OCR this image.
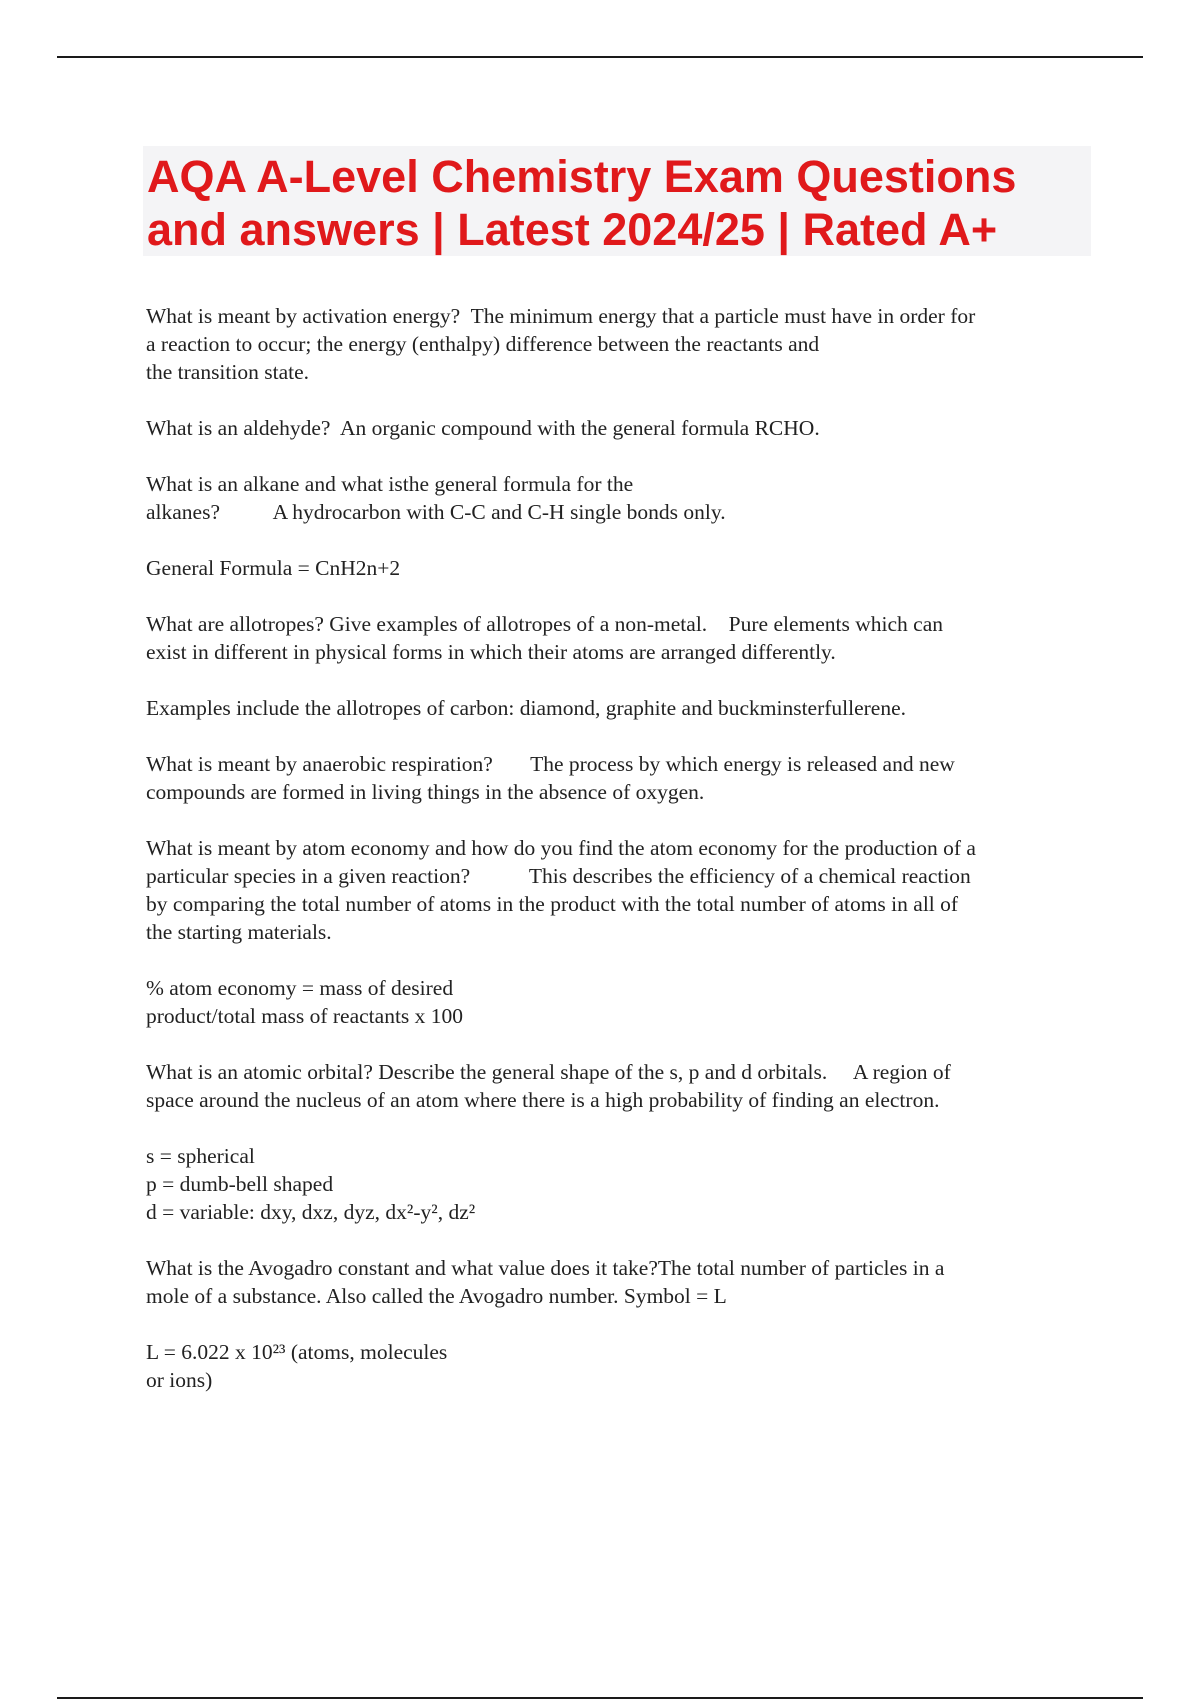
AQA A-Level Chemistry Exam Questions
and answers | Latest 2024/25 | Rated A+
What is meant by activation energy?  The minimum energy that a particle must have in order for
a reaction to occur; the energy (enthalpy) difference between the reactants and
the transition state.
What is an aldehyde?  An organic compound with the general formula RCHO.
What is an alkane and what isthe general formula for the
alkanes?          A hydrocarbon with C-C and C-H single bonds only.
General Formula = CnH2n+2
What are allotropes? Give examples of allotropes of a non-metal.    Pure elements which can
exist in different in physical forms in which their atoms are arranged differently.
Examples include the allotropes of carbon: diamond, graphite and buckminsterfullerene.
What is meant by anaerobic respiration?       The process by which energy is released and new
compounds are formed in living things in the absence of oxygen.
What is meant by atom economy and how do you find the atom economy for the production of a
particular species in a given reaction?           This describes the efficiency of a chemical reaction
by comparing the total number of atoms in the product with the total number of atoms in all of
the starting materials.
% atom economy = mass of desired
product/total mass of reactants x 100
What is an atomic orbital? Describe the general shape of the s, p and d orbitals.     A region of
space around the nucleus of an atom where there is a high probability of finding an electron.
s = spherical
p = dumb-bell shaped
d = variable: dxy, dxz, dyz, dx²-y², dz²
What is the Avogadro constant and what value does it take?The total number of particles in a
mole of a substance. Also called the Avogadro number. Symbol = L
L = 6.022 x 10²³ (atoms, molecules
or ions)
